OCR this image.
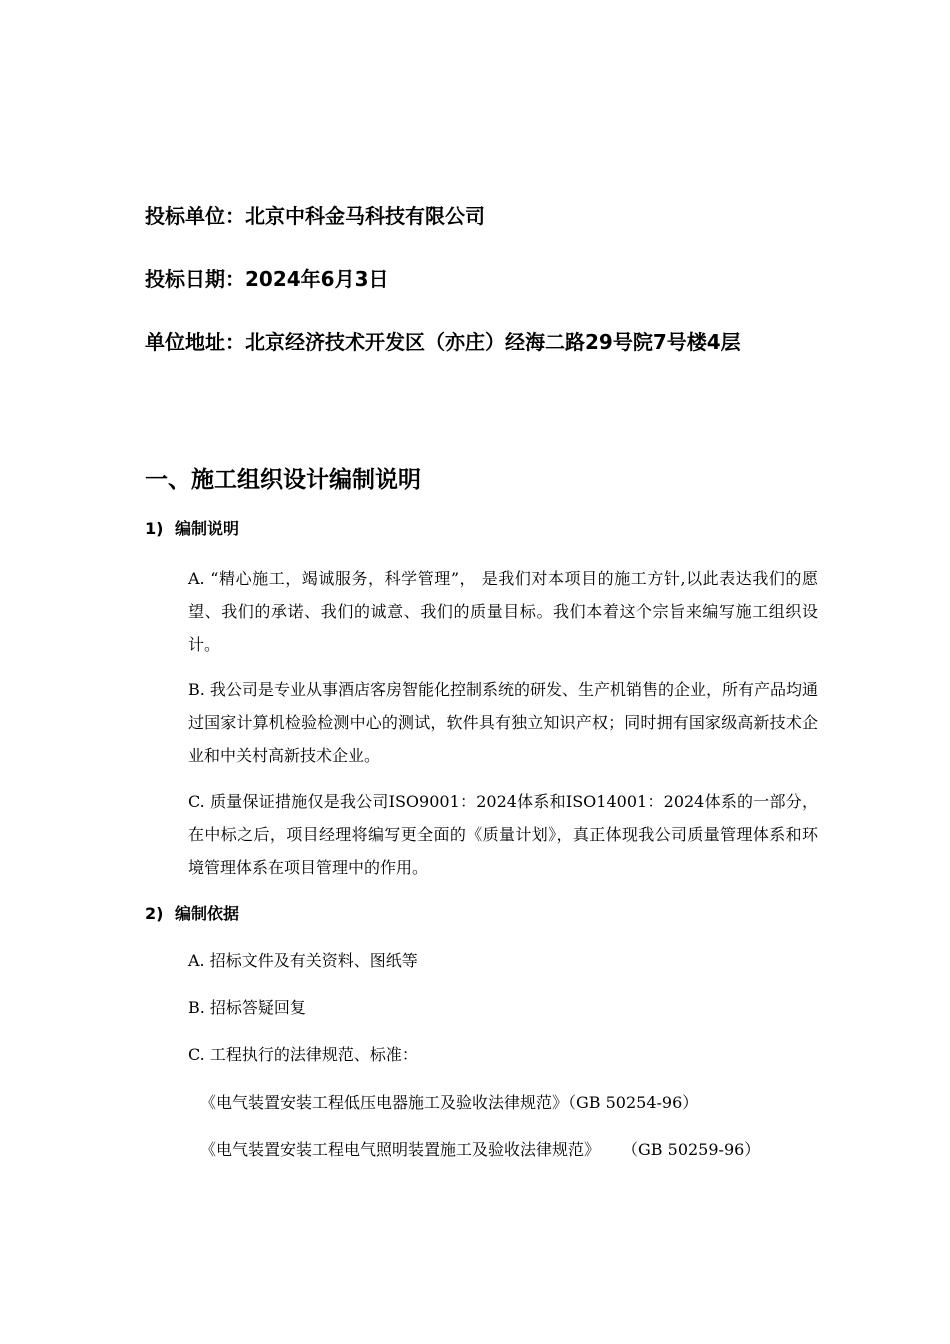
投标单位：北京中科金马科技有限公司
投标日期：2024年6月3日
单位地址：北京经济技术开发区（亦庄）经海二路29号院7号楼4层
一、施工组织设计编制说明
1) 编制说明
A. “精心施工，竭诚服务，科学管理”， 是我们对本项目的施工方针,以此表达我们的愿望、我们的承诺、我们的诚意、我们的质量目标。我们本着这个宗旨来编写施工组织设计。
B. 我公司是专业从事酒店客房智能化控制系统的研发、生产机销售的企业，所有产品均通过国家计算机检验检测中心的测试，软件具有独立知识产权；同时拥有国家级高新技术企业和中关村高新技术企业。
C. 质量保证措施仅是我公司ISO9001：2024体系和ISO14001：2024体系的一部分，在中标之后，项目经理将编写更全面的《质量计划》，真正体现我公司质量管理体系和环境管理体系在项目管理中的作用。
2) 编制依据
A. 招标文件及有关资料、图纸等
B. 招标答疑回复
C. 工程执行的法律规范、标准：
《电气装置安装工程低压电器施工及验收法律规范》（GB 50254-96）
《电气装置安装工程电气照明装置施工及验收法律规范》 （GB 50259-96）
